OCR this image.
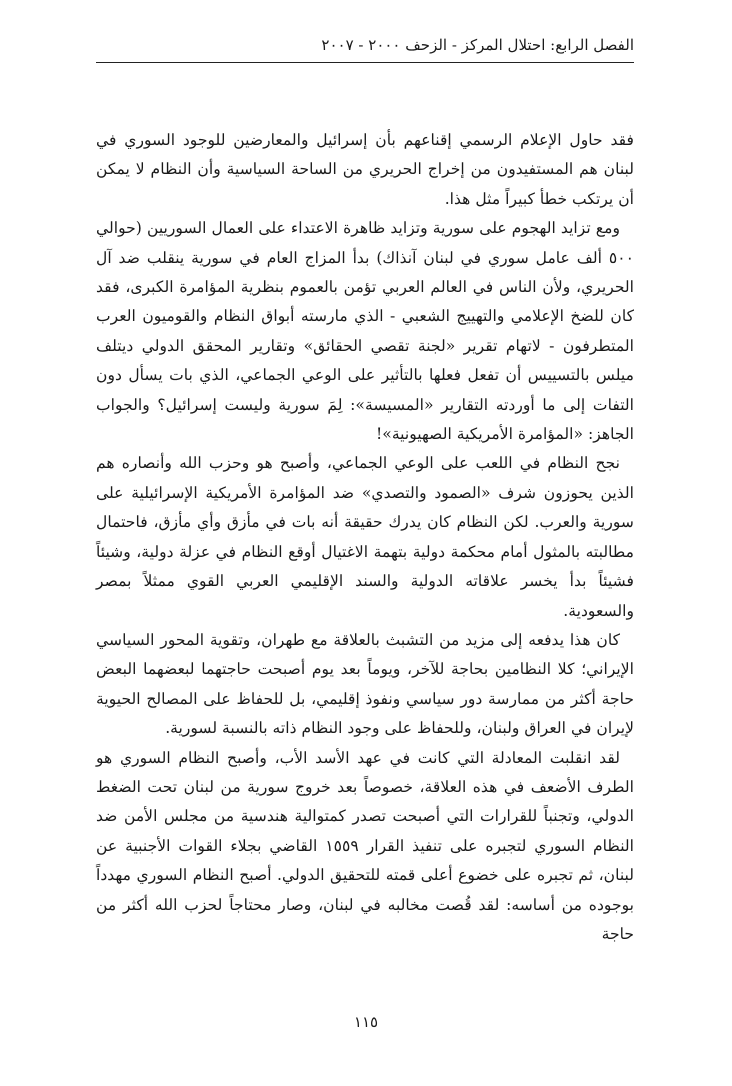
الفصل الرابع: احتلال المركز - الزحف ٢٠٠٠ - ٢٠٠٧

فقد حاول الإعلام الرسمي إقناعهم بأن إسرائيل والمعارضين للوجود السوري في لبنان هم المستفيدون من إخراج الحريري من الساحة السياسية وأن النظام لا يمكن أن يرتكب خطأ كبيراً مثل هذا.

ومع تزايد الهجوم على سورية وتزايد ظاهرة الاعتداء على العمال السوريين (حوالي ٥٠٠ ألف عامل سوري في لبنان آنذاك) بدأ المزاج العام في سورية ينقلب ضد آل الحريري، ولأن الناس في العالم العربي تؤمن بالعموم بنظرية المؤامرة الكبرى، فقد كان للضخ الإعلامي والتهييج الشعبي - الذي مارسته أبواق النظام والقوميون العرب المتطرفون - لاتهام تقرير «لجنة تقصي الحقائق» وتقارير المحقق الدولي ديتلف ميلس بالتسييس أن تفعل فعلها بالتأثير على الوعي الجماعي، الذي بات يسأل دون التفات إلى ما أوردته التقارير «المسيسة»: لِمَ سورية وليست إسرائيل؟ والجواب الجاهز: «المؤامرة الأمريكية الصهيونية»!

نجح النظام في اللعب على الوعي الجماعي، وأصبح هو وحزب الله وأنصاره هم الذين يحوزون شرف «الصمود والتصدي» ضد المؤامرة الأمريكية الإسرائيلية على سورية والعرب. لكن النظام كان يدرك حقيقة أنه بات في مأزق وأي مأزق، فاحتمال مطالبته بالمثول أمام محكمة دولية بتهمة الاغتيال أوقع النظام في عزلة دولية، وشيئاً فشيئاً بدأ يخسر علاقاته الدولية والسند الإقليمي العربي القوي ممثلاً بمصر والسعودية.

كان هذا يدفعه إلى مزيد من التشبث بالعلاقة مع طهران، وتقوية المحور السياسي الإيراني؛ كلا النظامين بحاجة للآخر، ويوماً بعد يوم أصبحت حاجتهما لبعضهما البعض حاجة أكثر من ممارسة دور سياسي ونفوذ إقليمي، بل للحفاظ على المصالح الحيوية لإيران في العراق ولبنان، وللحفاظ على وجود النظام ذاته بالنسبة لسورية.

لقد انقلبت المعادلة التي كانت في عهد الأسد الأب، وأصبح النظام السوري هو الطرف الأضعف في هذه العلاقة، خصوصاً بعد خروج سورية من لبنان تحت الضغط الدولي، وتجنباً للقرارات التي أصبحت تصدر كمتوالية هندسية من مجلس الأمن ضد النظام السوري لتجبره على تنفيذ القرار ١٥٥٩ القاضي بجلاء القوات الأجنبية عن لبنان، ثم تجبره على خضوع أعلى قمته للتحقيق الدولي. أصبح النظام السوري مهدداً بوجوده من أساسه: لقد قُصت مخالبه في لبنان، وصار محتاجاً لحزب الله أكثر من حاجة

١١٥
